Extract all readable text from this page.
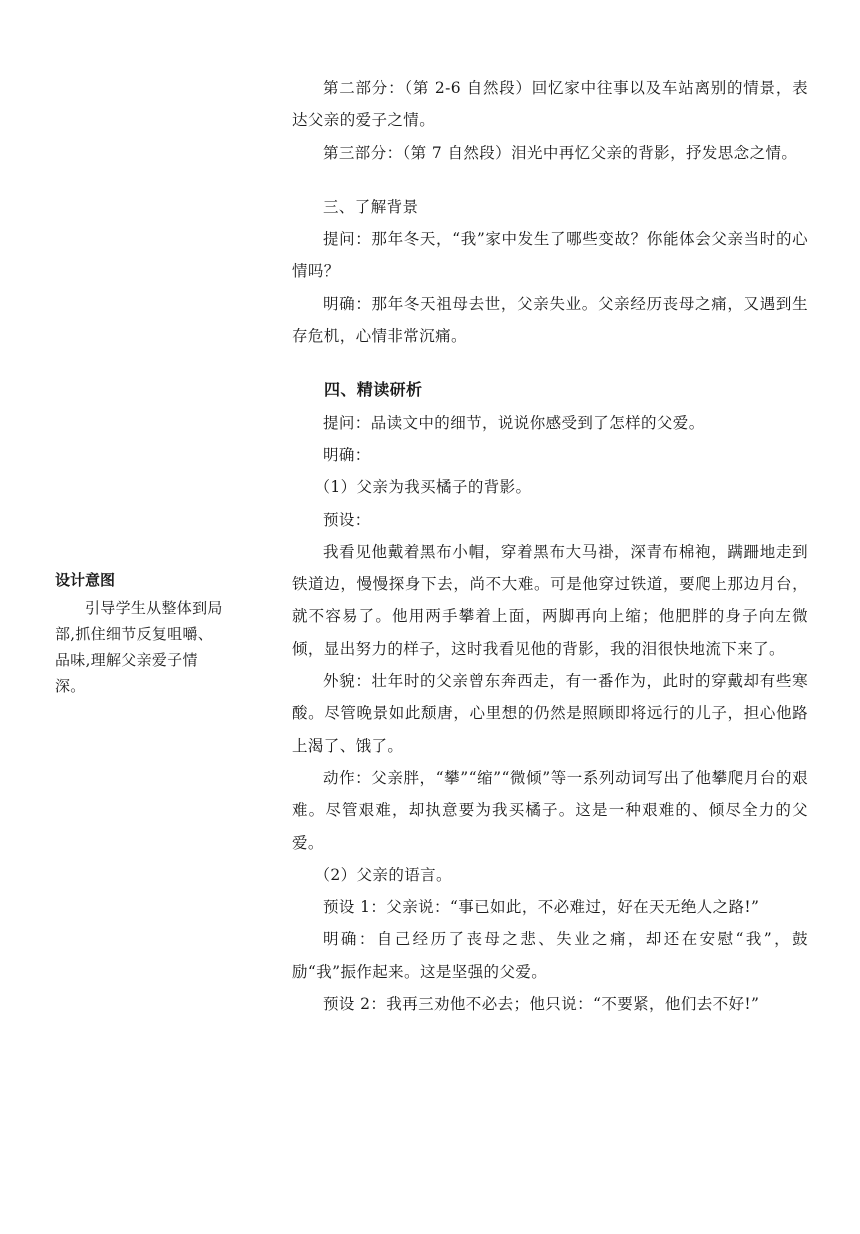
设计意图

引导学生从整体到局部,抓住细节反复咀嚼、品味,理解父亲爱子情深。

第二部分：（第 2-6 自然段）回忆家中往事以及车站离别的情景，表达父亲的爱子之情。

第三部分：（第 7 自然段）泪光中再忆父亲的背影，抒发思念之情。

三、了解背景

提问：那年冬天，“我”家中发生了哪些变故？你能体会父亲当时的心情吗？

明确：那年冬天祖母去世，父亲失业。父亲经历丧母之痛，又遇到生存危机，心情非常沉痛。

四、精读研析

提问：品读文中的细节，说说你感受到了怎样的父爱。

明确：

（1）父亲为我买橘子的背影。

预设：

我看见他戴着黑布小帽，穿着黑布大马褂，深青布棉袍，蹒跚地走到铁道边，慢慢探身下去，尚不大难。可是他穿过铁道，要爬上那边月台，就不容易了。他用两手攀着上面，两脚再向上缩；他肥胖的身子向左微倾，显出努力的样子，这时我看见他的背影，我的泪很快地流下来了。

外貌：壮年时的父亲曾东奔西走，有一番作为，此时的穿戴却有些寒酸。尽管晚景如此颓唐，心里想的仍然是照顾即将远行的儿子，担心他路上渴了、饿了。

动作：父亲胖，“攀”“缩”“微倾”等一系列动词写出了他攀爬月台的艰难。尽管艰难，却执意要为我买橘子。这是一种艰难的、倾尽全力的父爱。

（2）父亲的语言。

预设 1：父亲说：“事已如此，不必难过，好在天无绝人之路!”

明确：自己经历了丧母之悲、失业之痛，却还在安慰“我”，鼓励“我”振作起来。这是坚强的父爱。

预设 2：我再三劝他不必去；他只说：“不要紧，他们去不好!”
